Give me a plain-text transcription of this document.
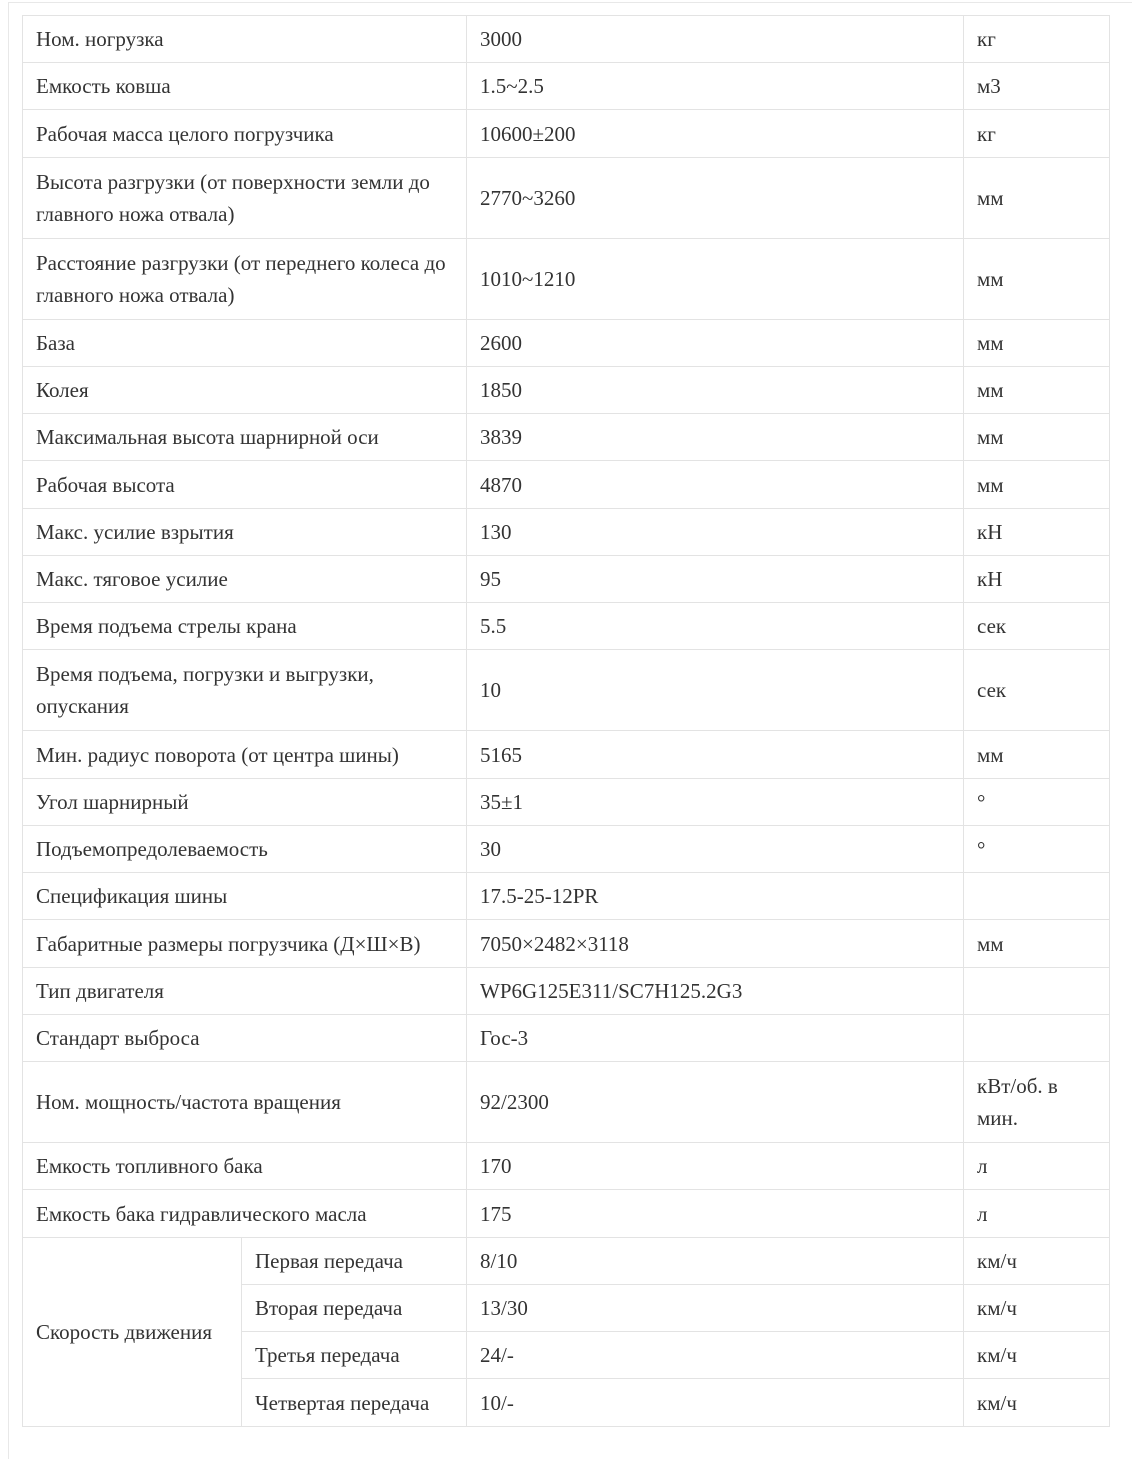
Ном. ногрузка		3000	кг
Емкость ковша		1.5~2.5	м3
Рабочая масса целого погрузчика		10600±200	кг
Высота разгрузки (от поверхности земли до главного ножа отвала)		2770~3260	мм
Расстояние разгрузки (от переднего колеса до главного ножа отвала)		1010~1210	мм
База		2600	мм
Колея		1850	мм
Максимальная высота шарнирной оси		3839	мм
Рабочая высота		4870	мм
Макс. усилие взрытия		130	кН
Макс. тяговое усилие		95	кН
Время подъема стрелы крана		5.5	сек
Время подъема, погрузки и выгрузки, опускания		10	сек
Мин. радиус поворота (от центра шины)		5165	мм
Угол шарнирный		35±1	°
Подъемопредолеваемость		30	°
Спецификация шины		17.5-25-12PR	
Габаритные размеры погрузчика (Д×Ш×В)		7050×2482×3118	мм
Тип двигателя		WP6G125E311/SC7H125.2G3	
Стандарт выброса		Гос-3	
Ном. мощность/частота вращения		92/2300	кВт/об. в мин.
Емкость топливного бака		170	л
Емкость бака гидравлического масла		175	л
Скорость движения	Первая передача	8/10	км/ч
	Вторая передача	13/30	км/ч
	Третья передача	24/-	км/ч
	Четвертая передача	10/-	км/ч
